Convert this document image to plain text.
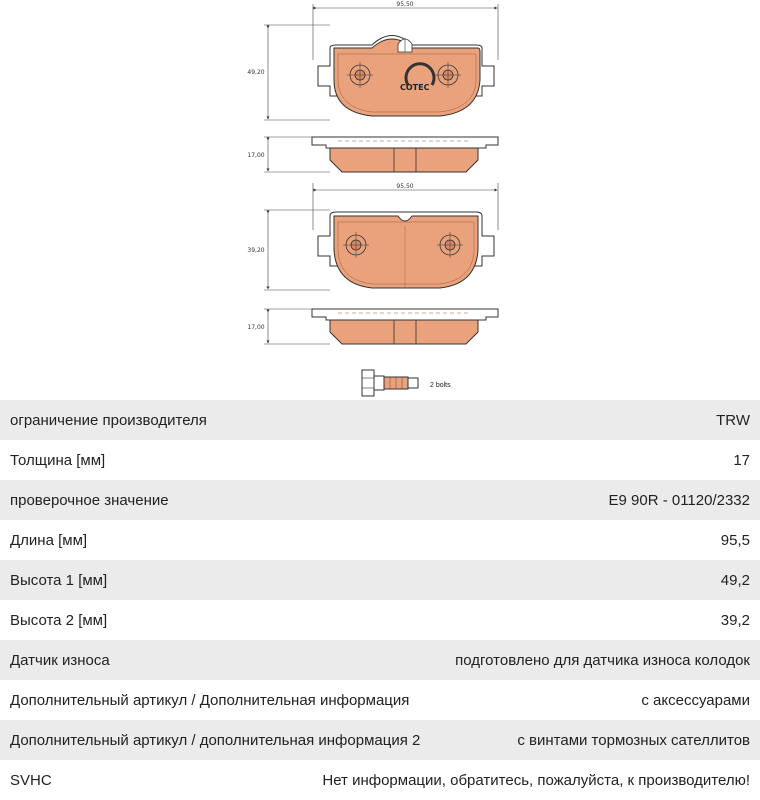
95,50
49,20
COTEC
17,00
95,50
39,20
17,00
2 bolts
ограничение производителя	TRW
Толщина [мм]	17
проверочное значение	E9 90R - 01120/2332
Длина [мм]	95,5
Высота 1 [мм]	49,2
Высота 2 [мм]	39,2
Датчик износа	подготовлено для датчика износа колодок
Дополнительный артикул / Дополнительная информация	с аксессуарами
Дополнительный артикул / дополнительная информация 2	с винтами тормозных сателлитов
SVHC	Нет информации, обратитесь, пожалуйста, к производителю!
